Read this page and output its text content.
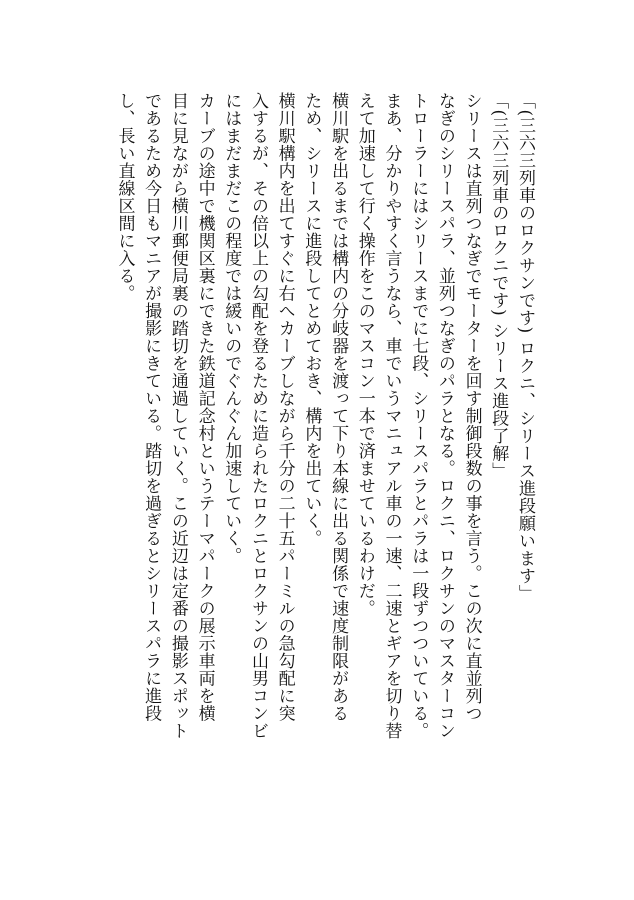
「(三六三列車のロクサンです) ロクニ、シリース進段願います」
「(三六三列車のロクニです) シリース進段了解」
シリースは直列つなぎでモーターを回す制御段数の事を言う。この次に直並列つ
なぎのシリースパラ、並列つなぎのパラとなる。ロクニ、ロクサンのマスターコン
トローラーにはシリースまでに七段、シリースパラとパラは一段ずつついている。
まあ、分かりやすく言うなら、車でいうマニュアル車の一速、二速とギアを切り替
えて加速して行く操作をこのマスコン一本で済ませているわけだ。
横川駅を出るまでは構内の分岐器を渡って下り本線に出る関係で速度制限がある
ため、シリースに進段してとめておき、構内を出ていく。
横川駅構内を出てすぐに右へカーブしながら千分の二十五パーミルの急勾配に突
入するが、その倍以上の勾配を登るために造られたロクニとロクサンの山男コンビ
にはまだまだこの程度では緩いのでぐんぐん加速していく。
カーブの途中で機関区裏にできた鉄道記念村というテーマパークの展示車両を横
目に見ながら横川郵便局裏の踏切を通過していく。この近辺は定番の撮影スポット
であるため今日もマニアが撮影にきている。踏切を過ぎるとシリースパラに進段
し、長い直線区間に入る。
